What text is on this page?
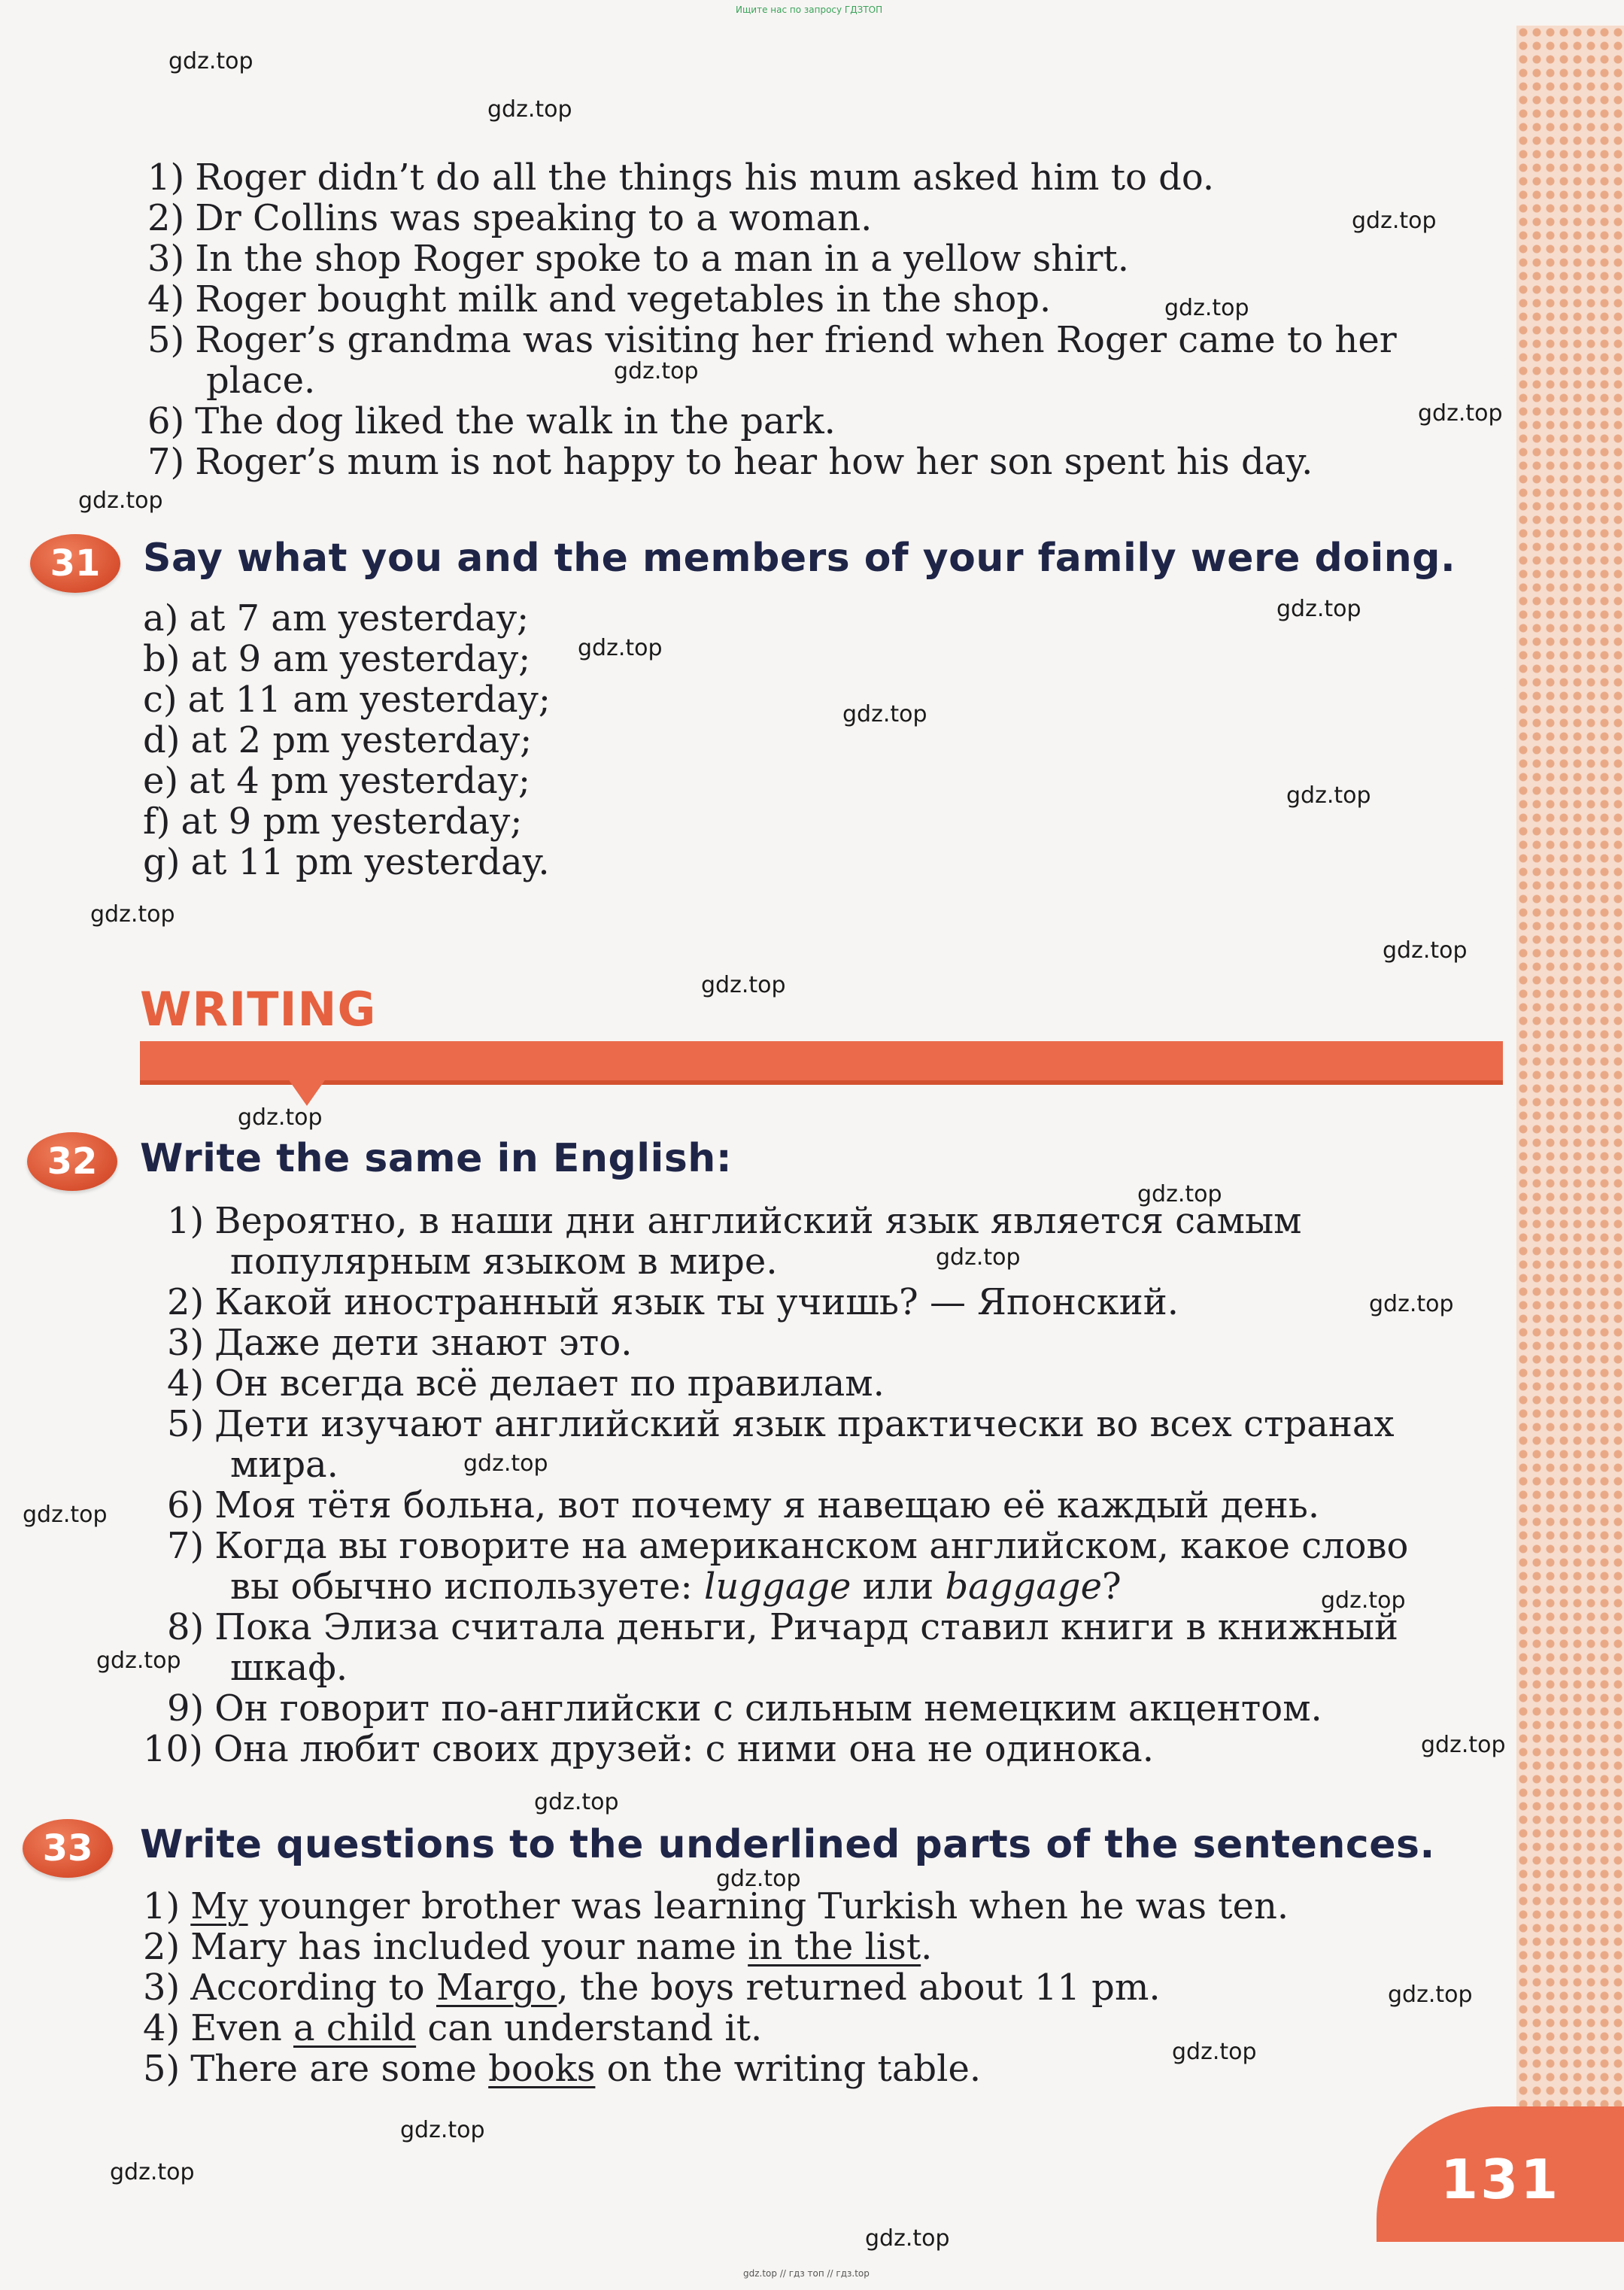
Ищите нас по запросу ГДЗТОП
1) Roger didn’t do all the things his mum asked him to do.
2) Dr Collins was speaking to a woman.
3) In the shop Roger spoke to a man in a yellow shirt.
4) Roger bought milk and vegetables in the shop.
5) Roger’s grandma was visiting her friend when Roger came to her
place.
6) The dog liked the walk in the park.
7) Roger’s mum is not happy to hear how her son spent his day.
31	Say what you and the members of your family were doing.
a) at 7 am yesterday;
b) at 9 am yesterday;
c) at 11 am yesterday;
d) at 2 pm yesterday;
e) at 4 pm yesterday;
f) at 9 pm yesterday;
g) at 11 pm yesterday.
WRITING
32	Write the same in English:
1) Вероятно, в наши дни английский язык является самым
популярным языком в мире.
2) Какой иностранный язык ты учишь? — Японский.
3) Даже дети знают это.
4) Он всегда всё делает по правилам.
5) Дети изучают английский язык практически во всех странах
мира.
6) Моя тётя больна, вот почему я навещаю её каждый день.
7) Когда вы говорите на американском английском, какое слово
вы обычно используете: luggage или baggage?
8) Пока Элиза считала деньги, Ричард ставил книги в книжный
шкаф.
9) Он говорит по-английски с сильным немецким акцентом.
10) Она любит своих друзей: с ними она не одинока.
33	Write questions to the underlined parts of the sentences.
1) My younger brother was learning Turkish when he was ten.
2) Mary has included your name in the list.
3) According to Margo, the boys returned about 11 pm.
4) Even a child can understand it.
5) There are some books on the writing table.
131
gdz.top
gdz.top
gdz.top
gdz.top
gdz.top
gdz.top
gdz.top
gdz.top
gdz.top
gdz.top
gdz.top
gdz.top
gdz.top
gdz.top
gdz.top
gdz.top
gdz.top
gdz.top
gdz.top
gdz.top
gdz.top
gdz.top
gdz.top
gdz.top
gdz.top
gdz.top
gdz.top
gdz.top
gdz.top
gdz.top
gdz.top // гдз топ // гдз.top
